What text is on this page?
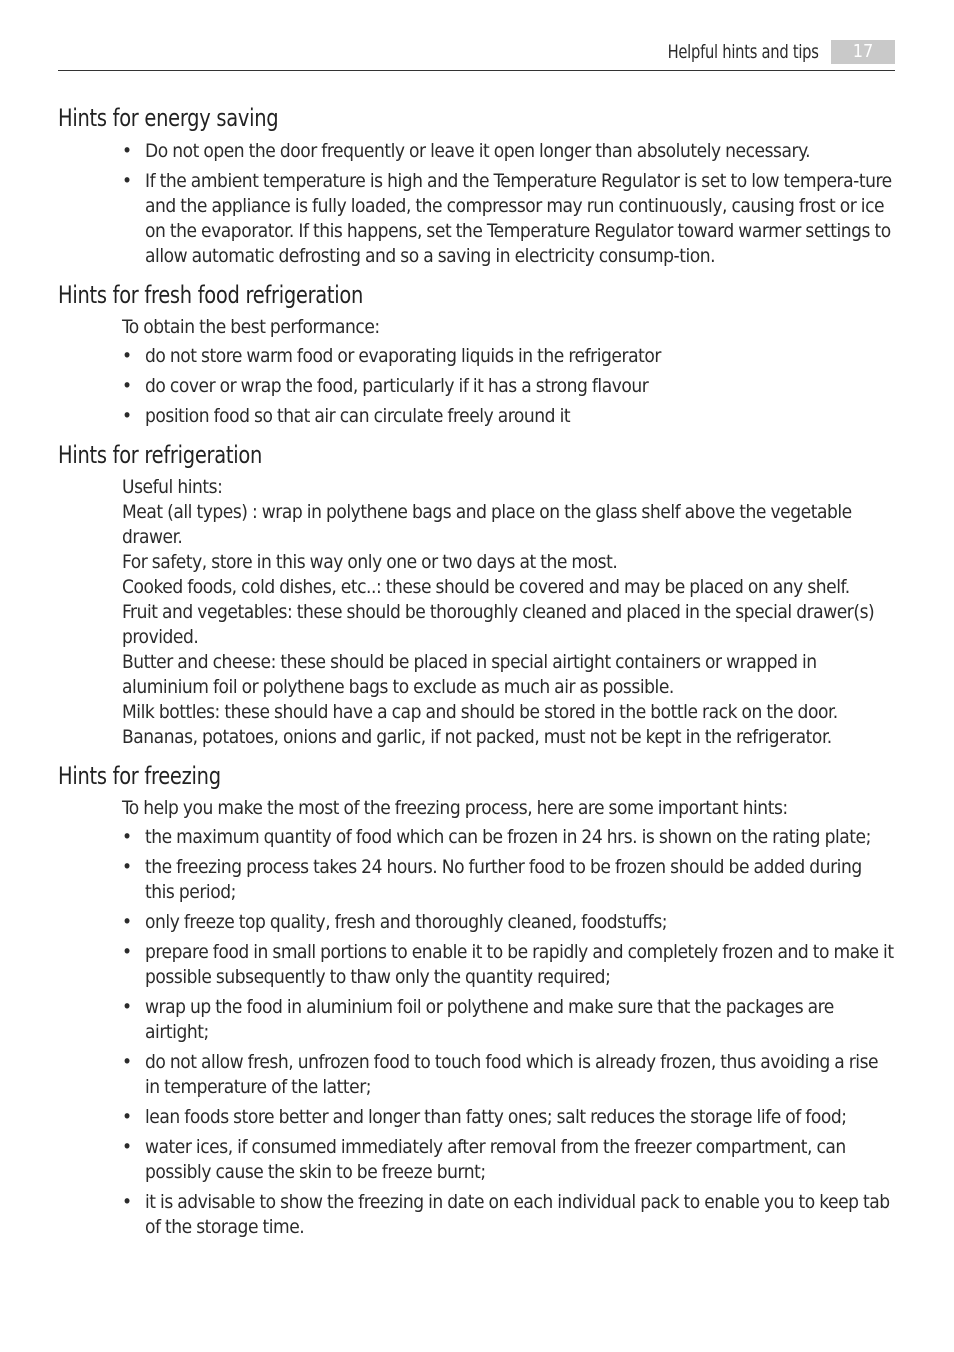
Helpful hints and tips	17
Hints for energy saving
• Do not open the door frequently or leave it open longer than absolutely necessary.
• If the ambient temperature is high and the Temperature Regulator is set to low tempera-ture and the appliance is fully loaded, the compressor may run continuously, causing frost or ice on the evaporator. If this happens, set the Temperature Regulator toward warmer settings to allow automatic defrosting and so a saving in electricity consump-tion.
Hints for fresh food refrigeration
To obtain the best performance:
• do not store warm food or evaporating liquids in the refrigerator
• do cover or wrap the food, particularly if it has a strong flavour
• position food so that air can circulate freely around it
Hints for refrigeration
Useful hints:
Meat (all types) : wrap in polythene bags and place on the glass shelf above the vegetable drawer.
For safety, store in this way only one or two days at the most.
Cooked foods, cold dishes, etc..: these should be covered and may be placed on any shelf.
Fruit and vegetables: these should be thoroughly cleaned and placed in the special drawer(s) provided.
Butter and cheese: these should be placed in special airtight containers or wrapped in aluminium foil or polythene bags to exclude as much air as possible.
Milk bottles: these should have a cap and should be stored in the bottle rack on the door.
Bananas, potatoes, onions and garlic, if not packed, must not be kept in the refrigerator.
Hints for freezing
To help you make the most of the freezing process, here are some important hints:
• the maximum quantity of food which can be frozen in 24 hrs. is shown on the rating plate;
• the freezing process takes 24 hours. No further food to be frozen should be added during this period;
• only freeze top quality, fresh and thoroughly cleaned, foodstuffs;
• prepare food in small portions to enable it to be rapidly and completely frozen and to make it possible subsequently to thaw only the quantity required;
• wrap up the food in aluminium foil or polythene and make sure that the packages are airtight;
• do not allow fresh, unfrozen food to touch food which is already frozen, thus avoiding a rise in temperature of the latter;
• lean foods store better and longer than fatty ones; salt reduces the storage life of food;
• water ices, if consumed immediately after removal from the freezer compartment, can possibly cause the skin to be freeze burnt;
• it is advisable to show the freezing in date on each individual pack to enable you to keep tab of the storage time.
